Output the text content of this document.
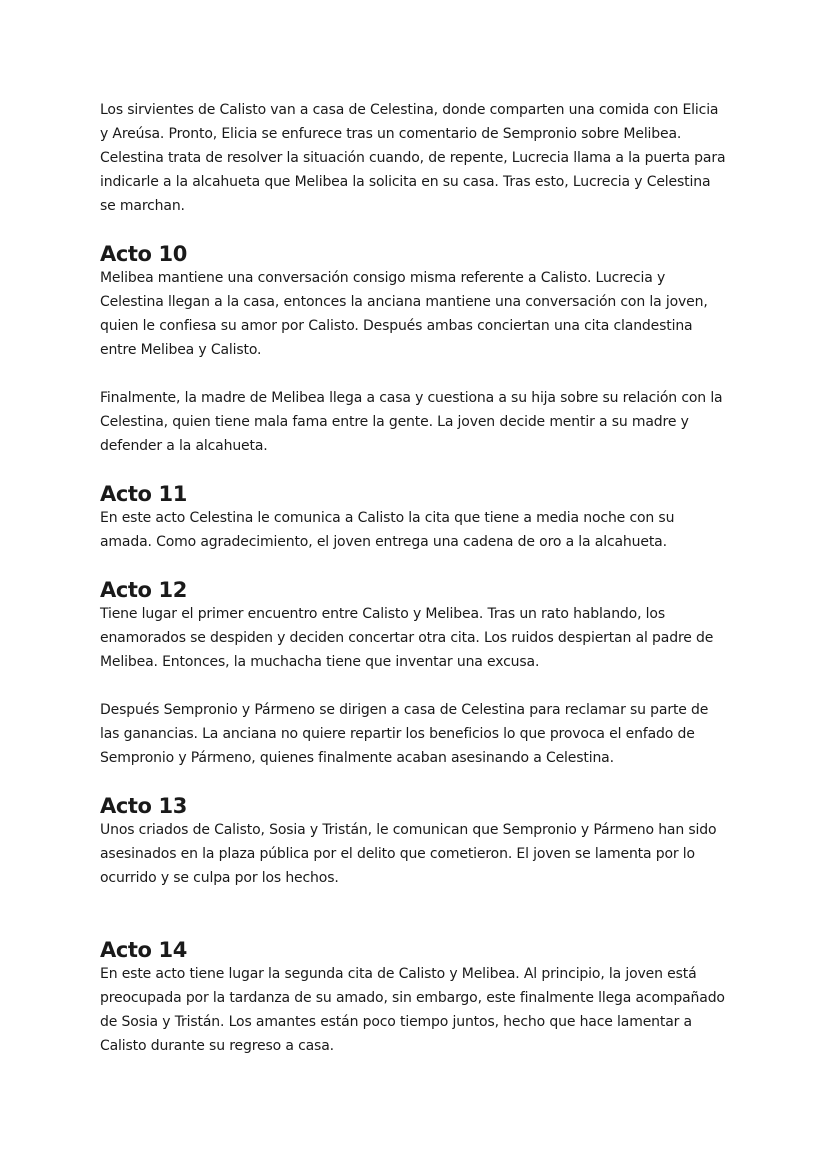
Los sirvientes de Calisto van a casa de Celestina, donde comparten una comida con Elicia y Areúsa. Pronto, Elicia se enfurece tras un comentario de Sempronio sobre Melibea. Celestina trata de resolver la situación cuando, de repente, Lucrecia llama a la puerta para indicarle a la alcahueta que Melibea la solicita en su casa. Tras esto, Lucrecia y Celestina se marchan.

Acto 10

Melibea mantiene una conversación consigo misma referente a Calisto. Lucrecia y Celestina llegan a la casa, entonces la anciana mantiene una conversación con la joven, quien le confiesa su amor por Calisto. Después ambas conciertan una cita clandestina entre Melibea y Calisto.

Finalmente, la madre de Melibea llega a casa y cuestiona a su hija sobre su relación con la Celestina, quien tiene mala fama entre la gente. La joven decide mentir a su madre y defender a la alcahueta.

Acto 11

En este acto Celestina le comunica a Calisto la cita que tiene a media noche con su amada. Como agradecimiento, el joven entrega una cadena de oro a la alcahueta.

Acto 12

Tiene lugar el primer encuentro entre Calisto y Melibea. Tras un rato hablando, los enamorados se despiden y deciden concertar otra cita. Los ruidos despiertan al padre de Melibea. Entonces, la muchacha tiene que inventar una excusa.

Después Sempronio y Pármeno se dirigen a casa de Celestina para reclamar su parte de las ganancias. La anciana no quiere repartir los beneficios lo que provoca el enfado de Sempronio y Pármeno, quienes finalmente acaban asesinando a Celestina.

Acto 13

Unos criados de Calisto, Sosia y Tristán, le comunican que Sempronio y Pármeno han sido asesinados en la plaza pública por el delito que cometieron. El joven se lamenta por lo ocurrido y se culpa por los hechos.

Acto 14

En este acto tiene lugar la segunda cita de Calisto y Melibea. Al principio, la joven está preocupada por la tardanza de su amado, sin embargo, este finalmente llega acompañado de Sosia y Tristán. Los amantes están poco tiempo juntos, hecho que hace lamentar a Calisto durante su regreso a casa.
